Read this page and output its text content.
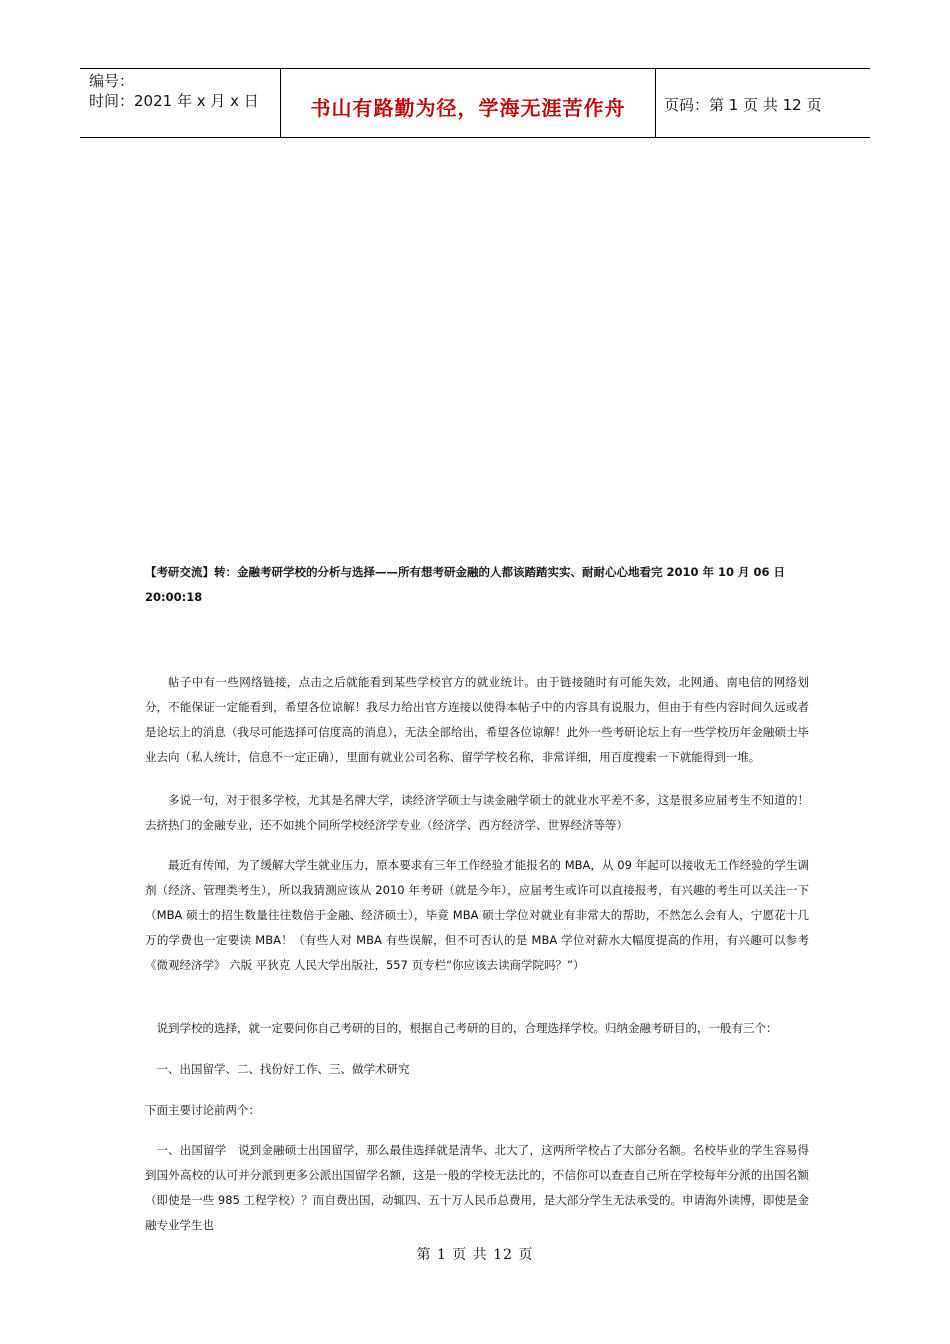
编号：
时间：2021 年 x 月 x 日	书山有路勤为径，学海无涯苦作舟	页码：第 1 页 共 12 页
【考研交流】转：金融考研学校的分析与选择——所有想考研金融的人都该踏踏实实、耐耐心心地看完 2010 年 10 月 06 日 20:00:18

帖子中有一些网络链接，点击之后就能看到某些学校官方的就业统计。由于链接随时有可能失效，北网通、南电信的网络划分，不能保证一定能看到，希望各位谅解！我尽力给出官方连接以使得本帖子中的内容具有说服力，但由于有些内容时间久远或者是论坛上的消息（我尽可能选择可信度高的消息），无法全部给出，希望各位谅解！此外一些考研论坛上有一些学校历年金融硕士毕业去向（私人统计，信息不一定正确），里面有就业公司名称、留学学校名称，非常详细，用百度搜索一下就能得到一堆。

多说一句，对于很多学校，尤其是名牌大学，读经济学硕士与读金融学硕士的就业水平差不多，这是很多应届考生不知道的！去挤热门的金融专业，还不如挑个同所学校经济学专业（经济学、西方经济学、世界经济等等）

最近有传闻，为了缓解大学生就业压力，原本要求有三年工作经验才能报名的 MBA，从 09 年起可以接收无工作经验的学生调剂（经济、管理类考生），所以我猜测应该从 2010 年考研（就是今年），应届考生或许可以直接报考，有兴趣的考生可以关注一下（MBA 硕士的招生数量往往数倍于金融、经济硕士），毕竟 MBA 硕士学位对就业有非常大的帮助，不然怎么会有人，宁愿花十几万的学费也一定要读 MBA！（有些人对 MBA 有些误解，但不可否认的是 MBA 学位对薪水大幅度提高的作用，有兴趣可以参考《微观经济学》 六版 平狄克 人民大学出版社，557 页专栏“你应该去读商学院吗？”）

说到学校的选择，就一定要问你自己考研的目的，根据自己考研的目的，合理选择学校。归纳金融考研目的，一般有三个：

一、出国留学、二、找份好工作、三、做学术研究

下面主要讨论前两个：

一、出国留学　说到金融硕士出国留学，那么最佳选择就是清华、北大了，这两所学校占了大部分名额。名校毕业的学生容易得到国外高校的认可并分派到更多公派出国留学名额，这是一般的学校无法比的，不信你可以查查自己所在学校每年分派的出国名额（即使是一些 985 工程学校）？而自费出国，动辄四、五十万人民币总费用，是大部分学生无法承受的。申请海外读博，即使是金融专业学生也

第 1 页 共 12 页
